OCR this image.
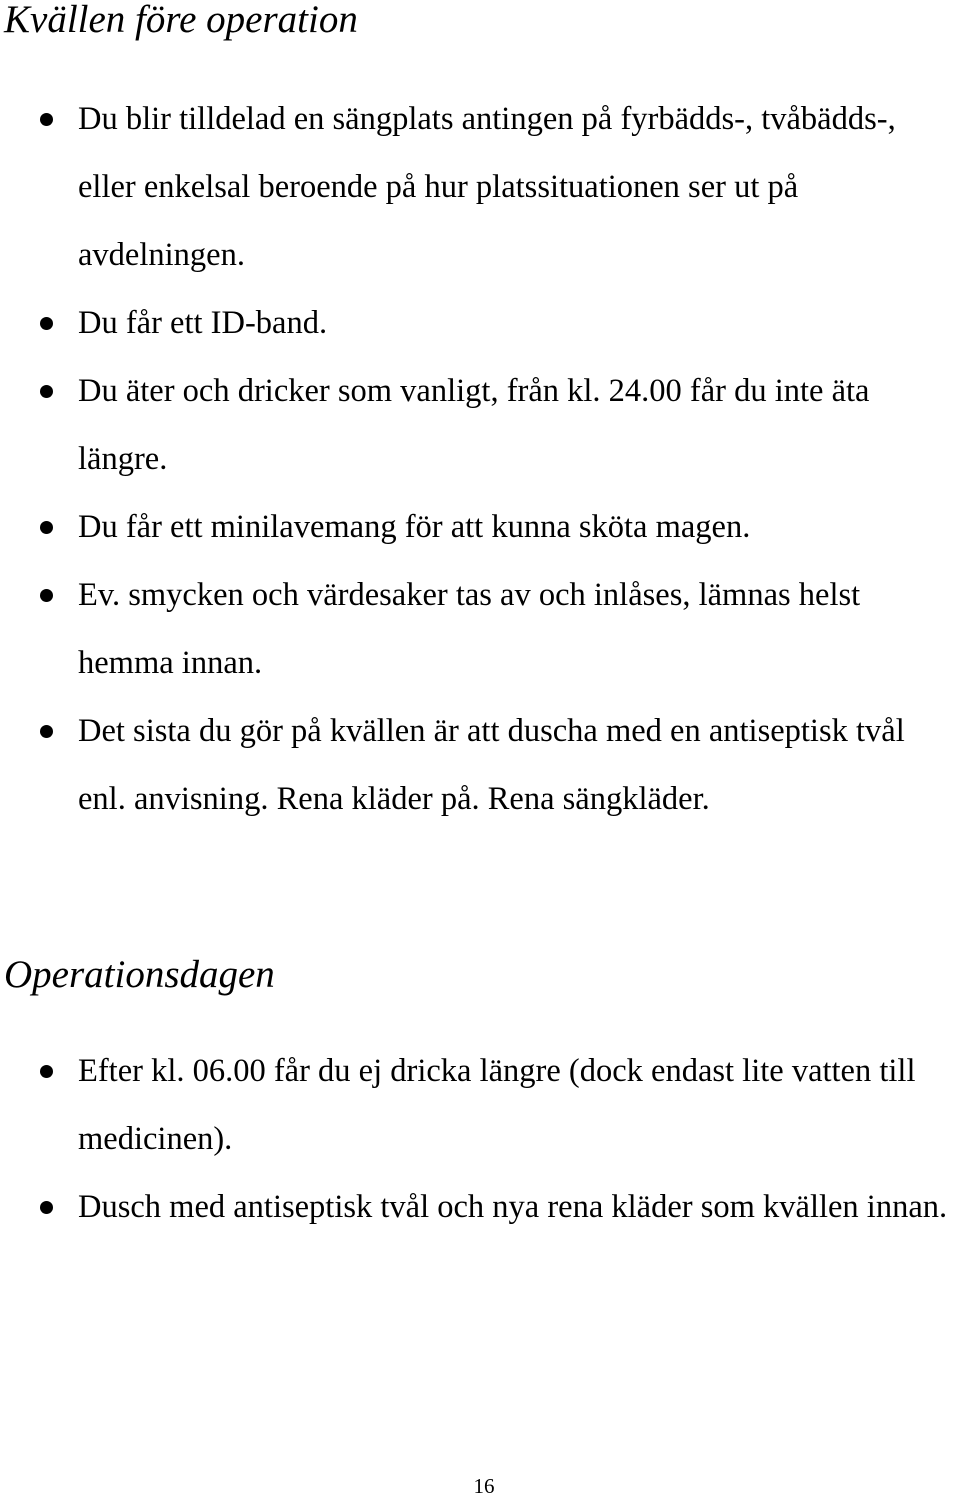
Kvällen före operation
Du blir tilldelad en sängplats antingen på fyrbädds-, tvåbädds-, eller enkelsal beroende på hur platssituationen ser ut på avdelningen.
Du får ett ID-band.
Du äter och dricker som vanligt, från kl. 24.00 får du inte äta längre.
Du får ett minilavemang för att kunna sköta magen.
Ev. smycken och värdesaker tas av och inlåses, lämnas helst hemma innan.
Det sista du gör på kvällen är att duscha med en antiseptisk tvål enl. anvisning. Rena kläder på. Rena sängkläder.
Operationsdagen
Efter kl. 06.00 får du ej dricka längre (dock endast lite vatten till medicinen).
Dusch med antiseptisk tvål och nya rena kläder som kvällen innan.
16
